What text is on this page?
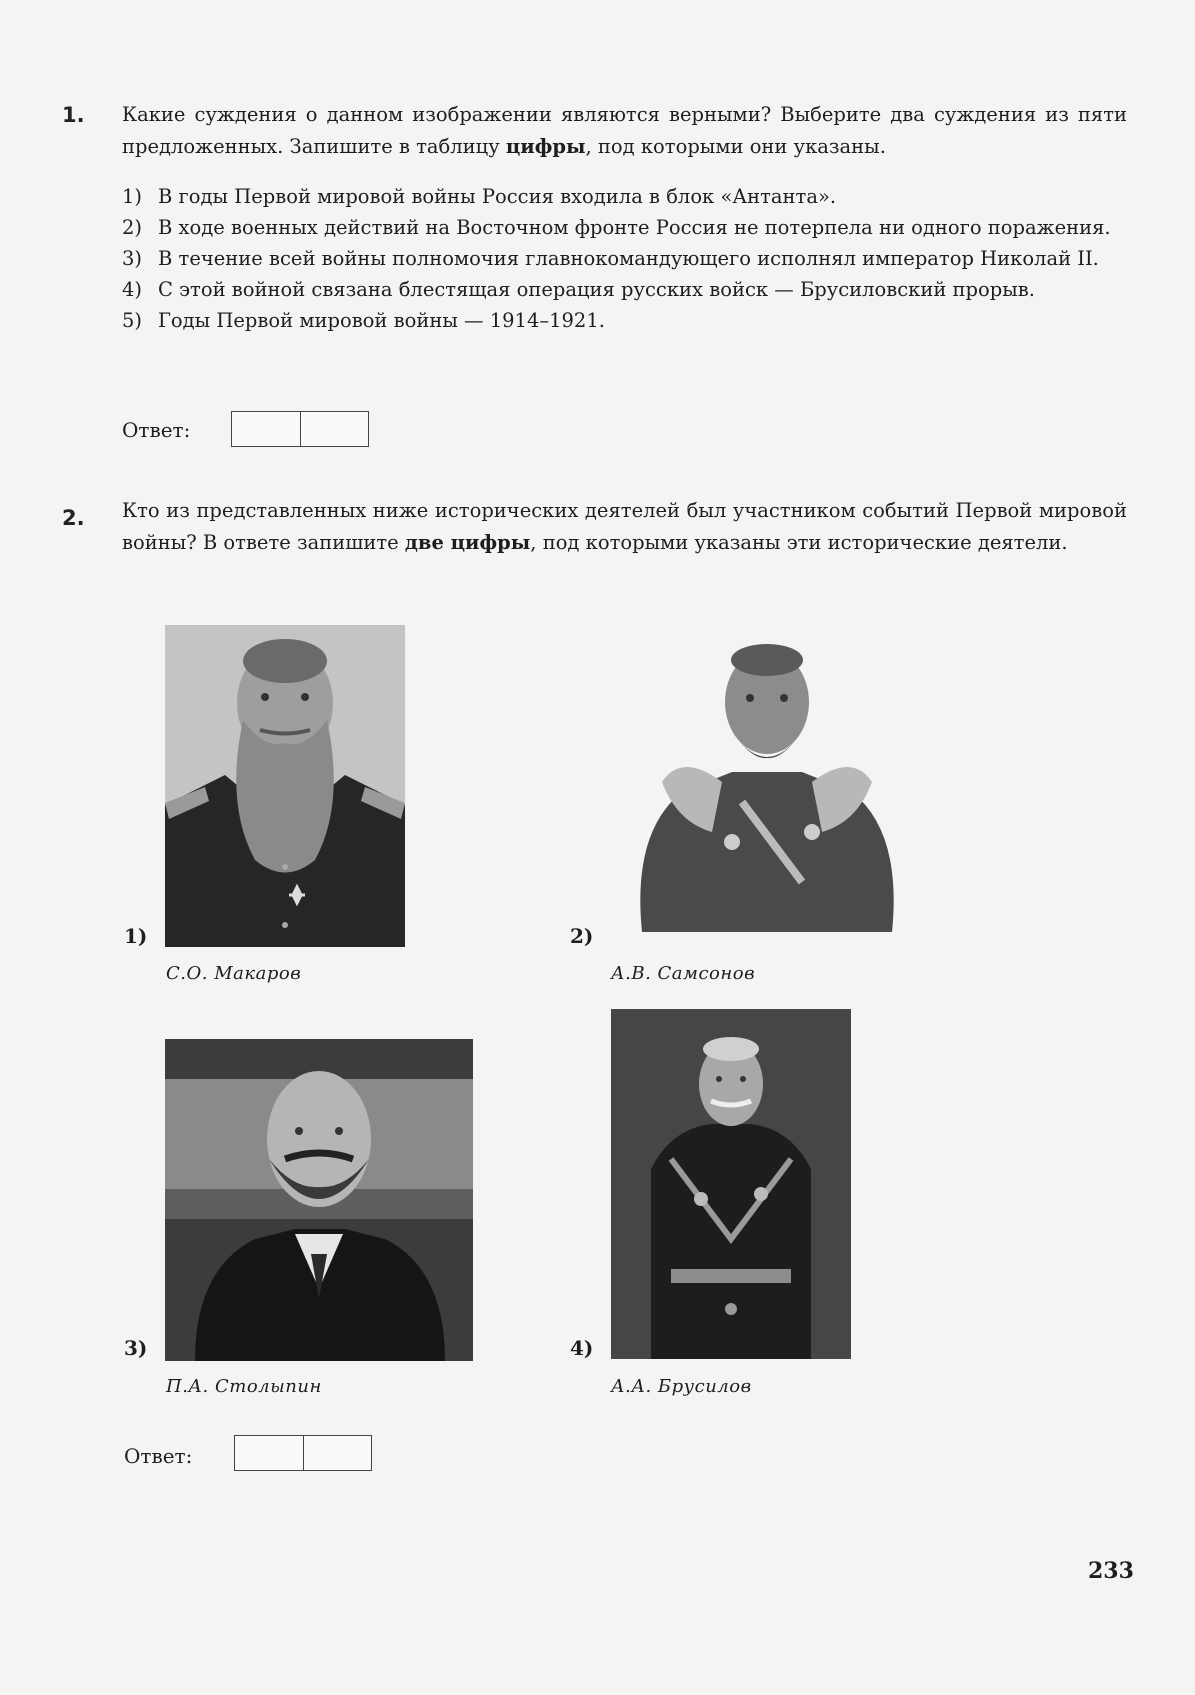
1. Какие суждения о данном изображении являются верными? Выберите два суждения из пяти предложенных. Запишите в таблицу цифры, под которыми они указаны.
1) В годы Первой мировой войны Россия входила в блок «Антанта».
2) В ходе военных действий на Восточном фронте Россия не потерпела ни одного поражения.
3) В течение всей войны полномочия главнокомандующего исполнял император Николай II.
4) С этой войной связана блестящая операция русских войск — Брусиловский прорыв.
5) Годы Первой мировой войны — 1914–1921.
Ответ:
2. Кто из представленных ниже исторических деятелей был участником событий Первой мировой войны? В ответе запишите две цифры, под которыми указаны эти исторические деятели.
1)
С.О. Макаров
2)
А.В. Самсонов
3)
П.А. Столыпин
4)
А.А. Брусилов
Ответ:
233
